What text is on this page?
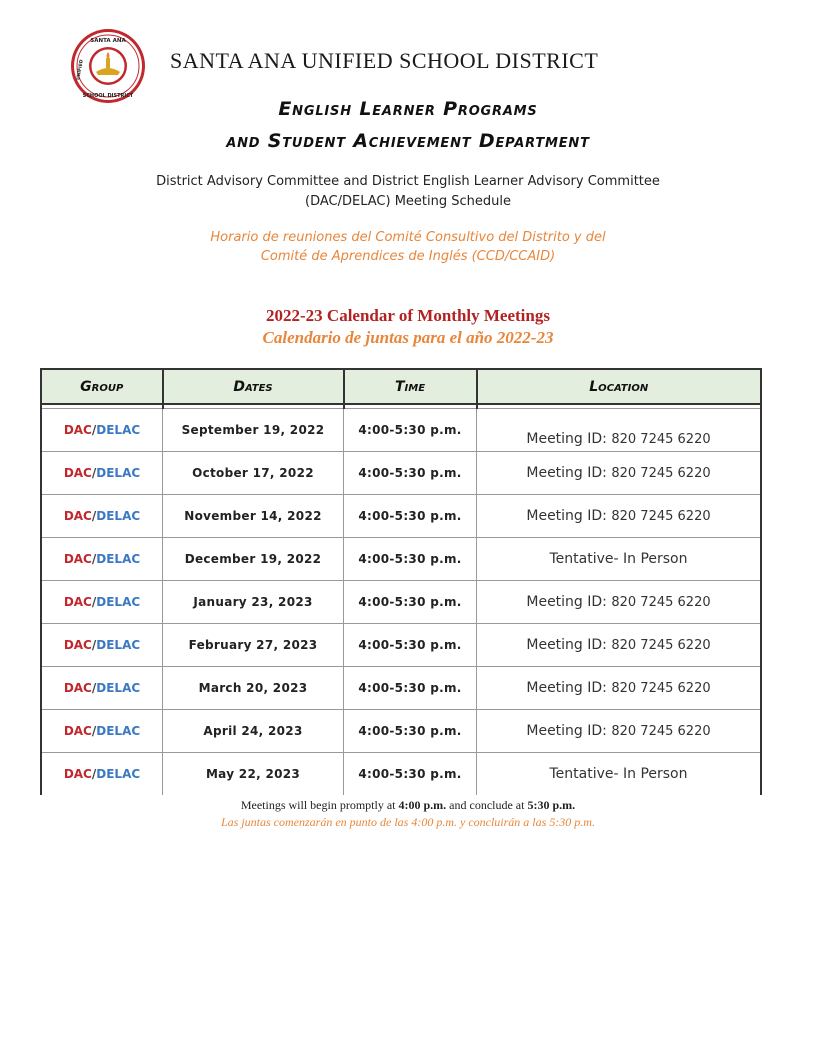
SANTA ANA
SCHOOL DISTRICT
UNIFIED	SANTA ANA UNIFIED SCHOOL DISTRICT
English Learner Programs
and Student Achievement Department
District Advisory Committee and District English Learner Advisory Committee
(DAC/DELAC) Meeting Schedule
Horario de reuniones del Comité Consultivo del Distrito y del
Comité de Aprendices de Inglés (CCD/CCAID)
2022-23 Calendar of Monthly Meetings
Calendario de juntas para el año 2022-23
Group	Dates	Time	Location

DAC/DELAC	September 19, 2022	4:00-5:30 p.m.	Meeting ID: 820 7245 6220
DAC/DELAC	October 17, 2022	4:00-5:30 p.m.	Meeting ID: 820 7245 6220
DAC/DELAC	November 14, 2022	4:00-5:30 p.m.	Meeting ID: 820 7245 6220
DAC/DELAC	December 19, 2022	4:00-5:30 p.m.	Tentative- In Person
DAC/DELAC	January 23, 2023	4:00-5:30 p.m.	Meeting ID: 820 7245 6220
DAC/DELAC	February 27, 2023	4:00-5:30 p.m.	Meeting ID: 820 7245 6220
DAC/DELAC	March 20, 2023	4:00-5:30 p.m.	Meeting ID: 820 7245 6220
DAC/DELAC	April 24, 2023	4:00-5:30 p.m.	Meeting ID: 820 7245 6220
DAC/DELAC	May 22, 2023	4:00-5:30 p.m.	Tentative- In Person
Meetings will begin promptly at 4:00 p.m. and conclude at 5:30 p.m.
Las juntas comenzarán en punto de las 4:00 p.m. y concluirán a las 5:30 p.m.
